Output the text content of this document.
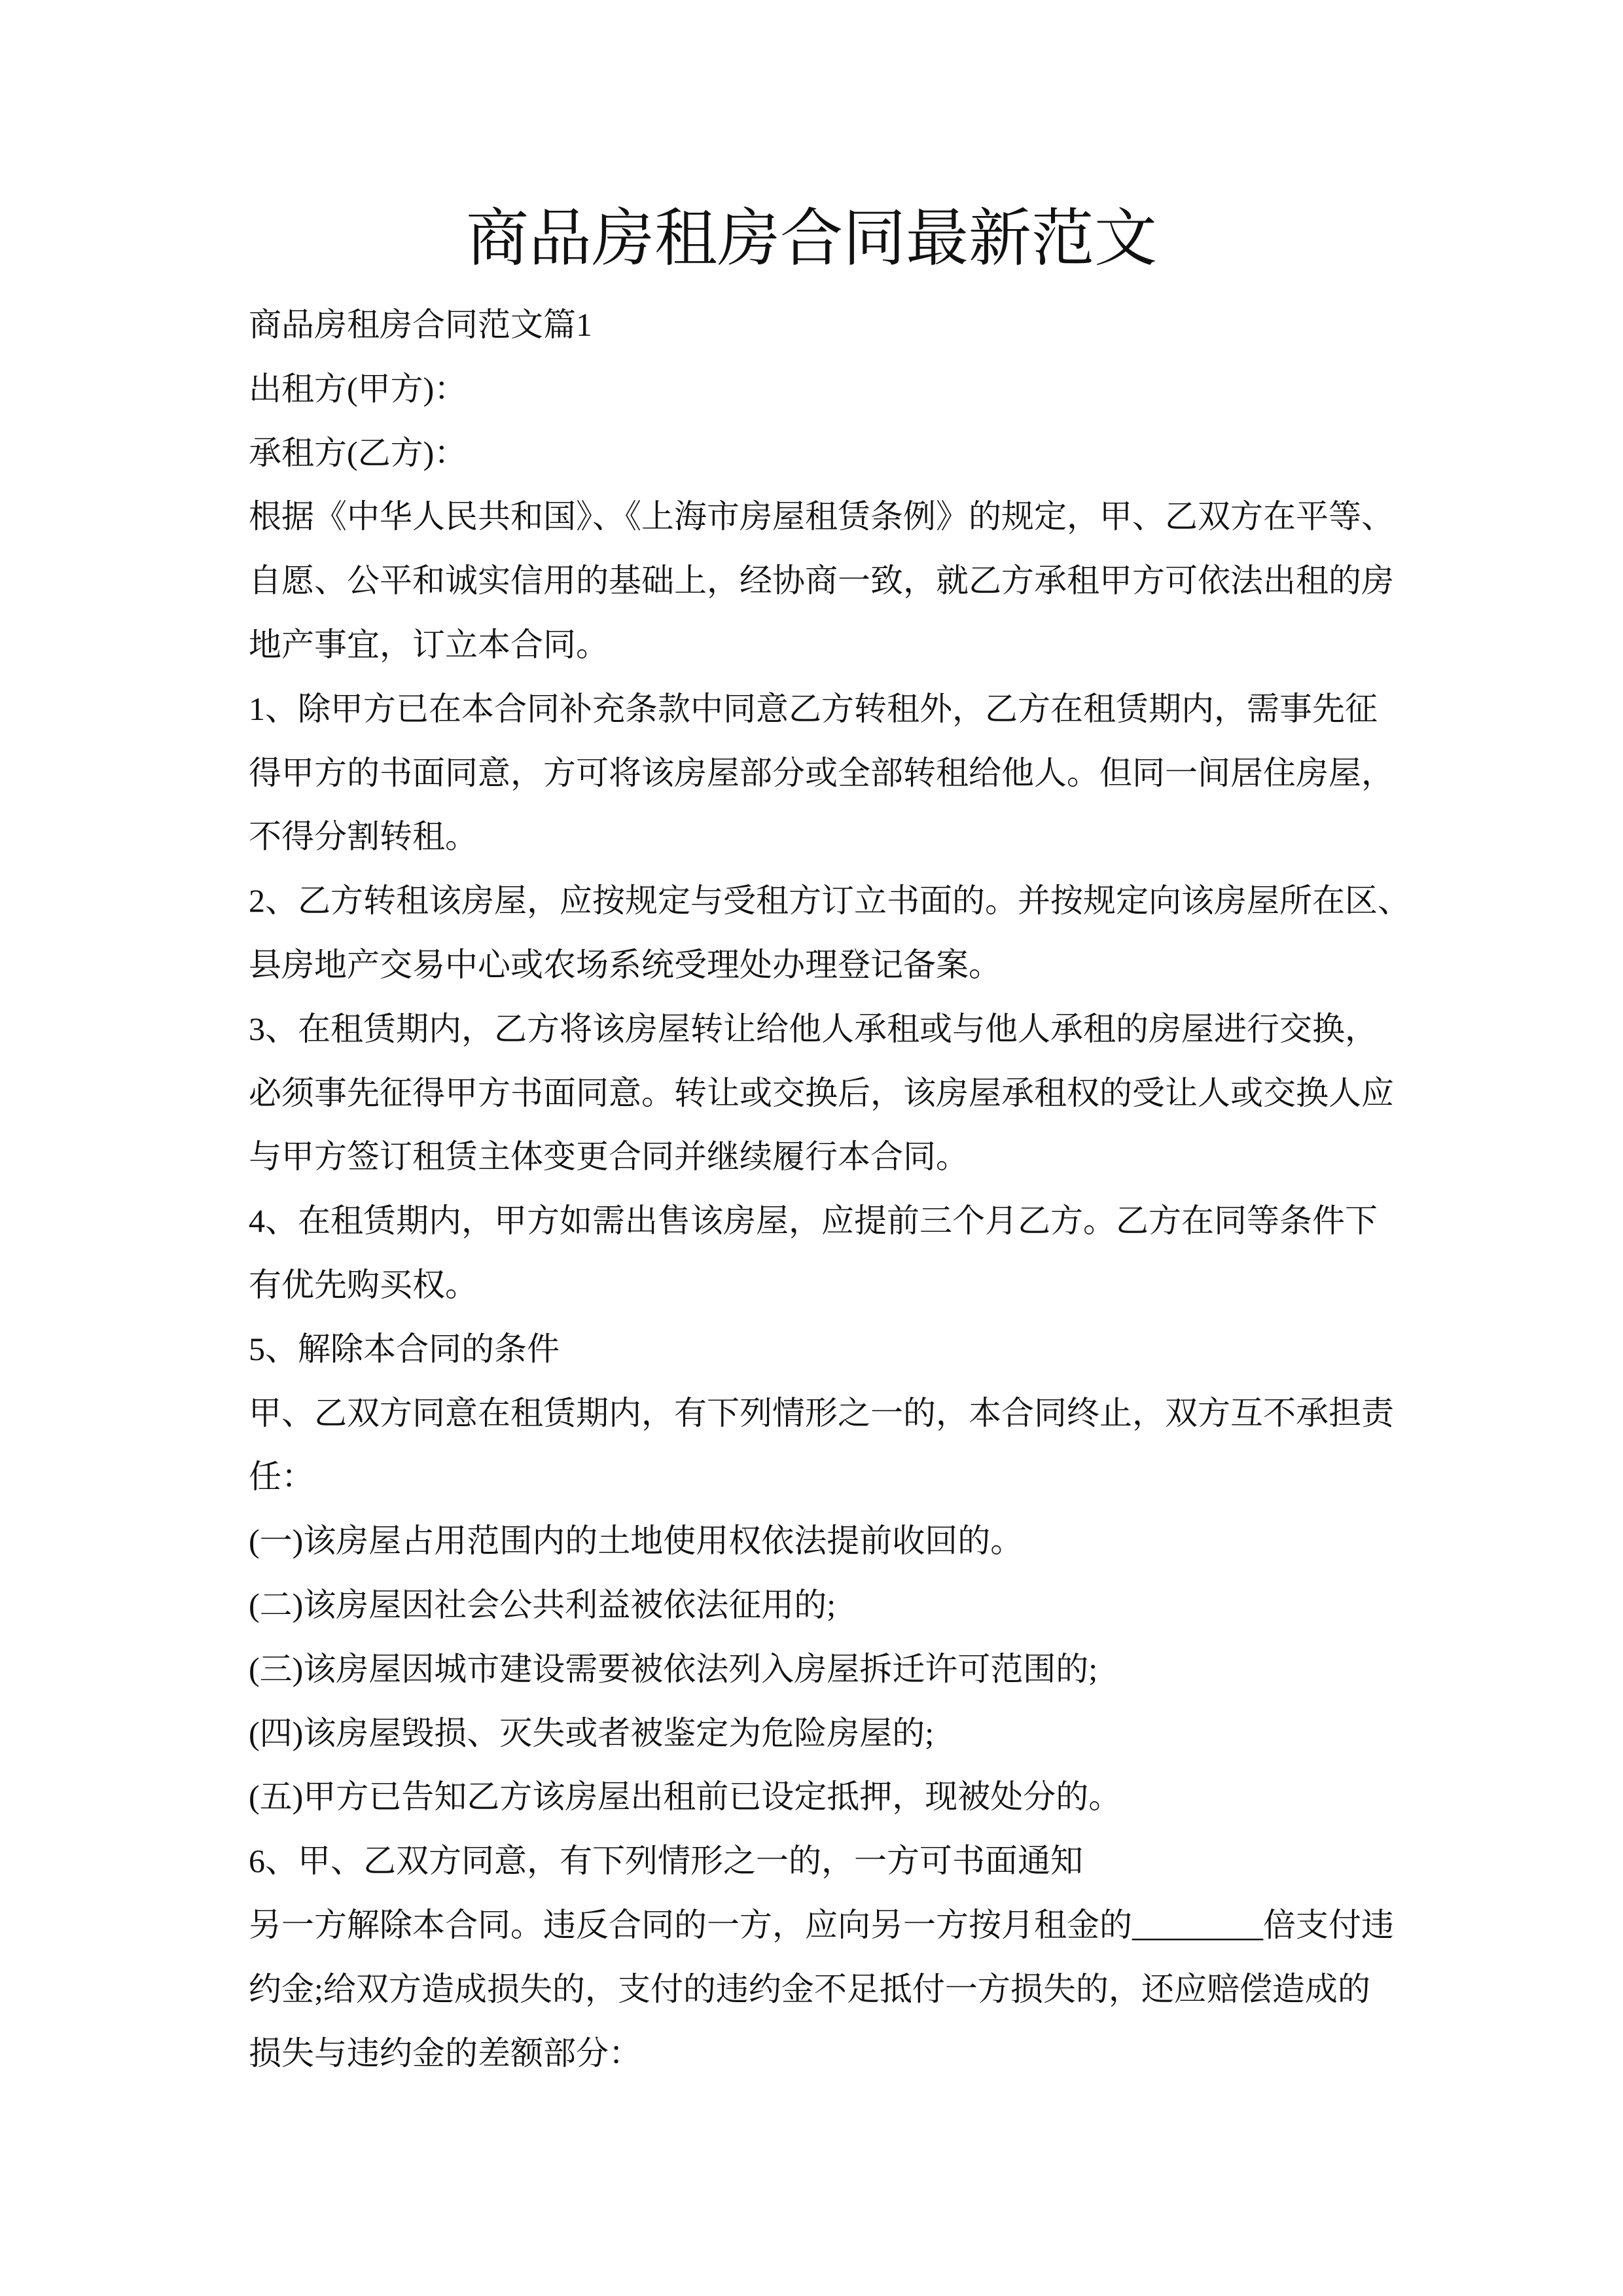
商品房租房合同最新范文
商品房租房合同范文篇1
出租方(甲方)：
承租方(乙方)：
根据《中华人民共和国》、《上海市房屋租赁条例》的规定，甲、乙双方在平等、
自愿、公平和诚实信用的基础上，经协商一致，就乙方承租甲方可依法出租的房
地产事宜，订立本合同。
1、除甲方已在本合同补充条款中同意乙方转租外，乙方在租赁期内，需事先征
得甲方的书面同意，方可将该房屋部分或全部转租给他人。但同一间居住房屋，
不得分割转租。
2、乙方转租该房屋，应按规定与受租方订立书面的。并按规定向该房屋所在区、
县房地产交易中心或农场系统受理处办理登记备案。
3、在租赁期内，乙方将该房屋转让给他人承租或与他人承租的房屋进行交换，
必须事先征得甲方书面同意。转让或交换后，该房屋承租权的受让人或交换人应
与甲方签订租赁主体变更合同并继续履行本合同。
4、在租赁期内，甲方如需出售该房屋，应提前三个月乙方。乙方在同等条件下
有优先购买权。
5、解除本合同的条件
甲、乙双方同意在租赁期内，有下列情形之一的，本合同终止，双方互不承担责
任：
(一)该房屋占用范围内的土地使用权依法提前收回的。
(二)该房屋因社会公共利益被依法征用的;
(三)该房屋因城市建设需要被依法列入房屋拆迁许可范围的;
(四)该房屋毁损、灭失或者被鉴定为危险房屋的;
(五)甲方已告知乙方该房屋出租前已设定抵押，现被处分的。
6、甲、乙双方同意，有下列情形之一的，一方可书面通知
另一方解除本合同。违反合同的一方，应向另一方按月租金的________倍支付违
约金;给双方造成损失的，支付的违约金不足抵付一方损失的，还应赔偿造成的
损失与违约金的差额部分：
